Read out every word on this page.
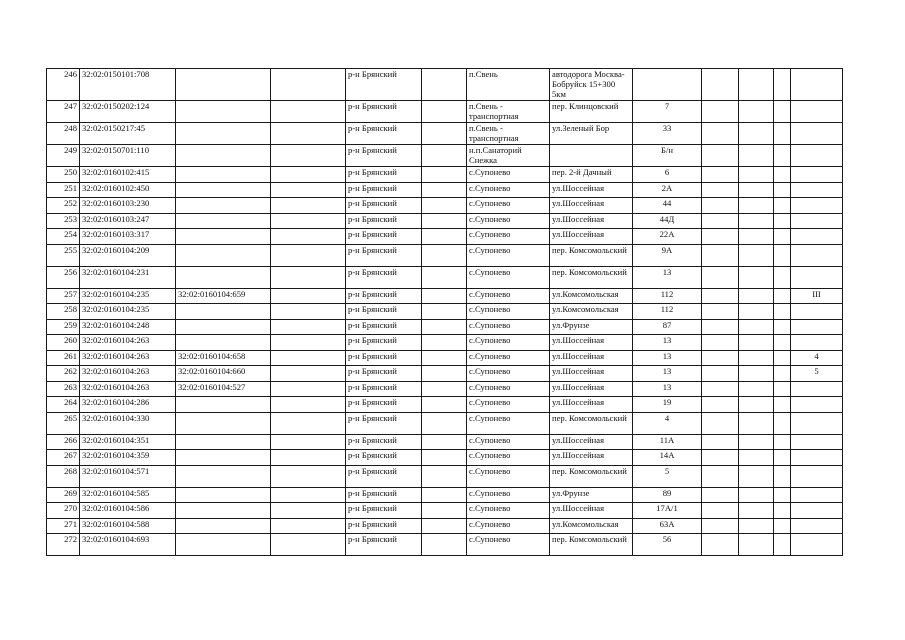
246	32:02:0150101:708			р-н Брянский		п.Свень	автодорога Москва-Бобруйск 15+300 5км					
247	32:02:0150202:124			р-н Брянский		п.Свень - транспортная	пер. Клинцовский	7				
248	32:02:0150217:45			р-н Брянский		п.Свень - транспортная	ул.Зеленый Бор	33				
249	32:02:0150701:110			р-н Брянский		н.п.Санаторий Снежка		Б/н				
250	32:02:0160102:415			р-н Брянский		с.Супонево	пер. 2-й Дачный	6				
251	32:02:0160102:450			р-н Брянский		с.Супонево	ул.Шоссейная	2А				
252	32:02:0160103:230			р-н Брянский		с.Супонево	ул.Шоссейная	44				
253	32:02:0160103:247			р-н Брянский		с.Супонево	ул.Шоссейная	44Д				
254	32:02:0160103:317			р-н Брянский		с.Супонево	ул.Шоссейная	22А				
255	32:02:0160104:209			р-н Брянский		с.Супонево	пер. Комсомольский	9А				
256	32:02:0160104:231			р-н Брянский		с.Супонево	пер. Комсомольский	13				
257	32:02:0160104:235	32:02:0160104:659		р-н Брянский		с.Супонево	ул.Комсомольская	112				III
258	32:02:0160104:235			р-н Брянский		с.Супонево	ул.Комсомольская	112				
259	32:02:0160104:248			р-н Брянский		с.Супонево	ул.Фрунзе	87				
260	32:02:0160104:263			р-н Брянский		с.Супонево	ул.Шоссейная	13				
261	32:02:0160104:263	32:02:0160104:658		р-н Брянский		с.Супонево	ул.Шоссейная	13				4
262	32:02:0160104:263	32:02:0160104:660		р-н Брянский		с.Супонево	ул.Шоссейная	13				5
263	32:02:0160104:263	32:02:0160104:527		р-н Брянский		с.Супонево	ул.Шоссейная	13				
264	32:02:0160104:286			р-н Брянский		с.Супонево	ул.Шоссейная	19				
265	32:02:0160104:330			р-н Брянский		с.Супонево	пер. Комсомольский	4				
266	32:02:0160104:351			р-н Брянский		с.Супонево	ул.Шоссейная	11А				
267	32:02:0160104:359			р-н Брянский		с.Супонево	ул.Шоссейная	14А				
268	32:02:0160104:571			р-н Брянский		с.Супонево	пер. Комсомольский	5				
269	32:02:0160104:585			р-н Брянский		с.Супонево	ул.Фрунзе	89				
270	32:02:0160104:586			р-н Брянский		с.Супонево	ул.Шоссейная	17А/1				
271	32:02:0160104:588			р-н Брянский		с.Супонево	ул.Комсомольская	63А				
272	32:02:0160104:693			р-н Брянский		с.Супонево	пер. Комсомольский	56				
